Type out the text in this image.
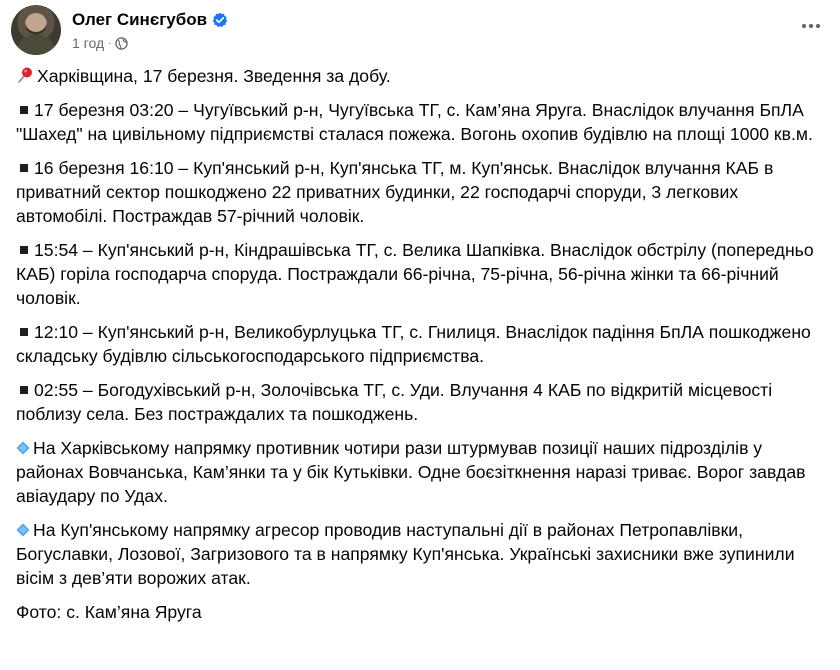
Олег Синєгубов
1 год ·

Харківщина, 17 березня. Зведення за добу.

17 березня 03:20 – Чугуївський р-н, Чугуївська ТГ, с. Кам’яна Яруга. Внаслідок влучання БпЛА "Шахед" на цивільному підприємстві сталася пожежа. Вогонь охопив будівлю на площі 1000 кв.м.

16 березня 16:10 – Куп'янський р-н, Куп'янська ТГ, м. Куп'янськ. Внаслідок влучання КАБ в приватний сектор пошкоджено 22 приватних будинки, 22 господарчі споруди, 3 легкових автомобілі. Постраждав 57-річний чоловік.

15:54 – Куп'янський р-н, Кіндрашівська ТГ, с. Велика Шапківка. Внаслідок обстрілу (попередньо КАБ) горіла господарча споруда. Постраждали 66-річна, 75-річна, 56-річна жінки та 66-річний чоловік.

12:10 – Куп'янський р-н, Великобурлуцька ТГ, с. Гнилиця. Внаслідок падіння БпЛА пошкоджено складську будівлю сільськогосподарського підприємства.

02:55 – Богодухівський р-н, Золочівська ТГ, с. Уди. Влучання 4 КАБ по відкритій місцевості поблизу села. Без постраждалих та пошкоджень.

На Харківському напрямку противник чотири рази штурмував позиції наших підрозділів у районах Вовчанська, Кам’янки та у бік Кутьківки. Одне боєзіткнення наразі триває. Ворог завдав авіаудару по Удах.

На Куп'янському напрямку агресор проводив наступальні дії в районах Петропавлівки, Богуславки, Лозової, Загризового та в напрямку Куп'янська. Українські захисники вже зупинили вісім з дев’яти ворожих атак.

Фото: с. Кам’яна Яруга
